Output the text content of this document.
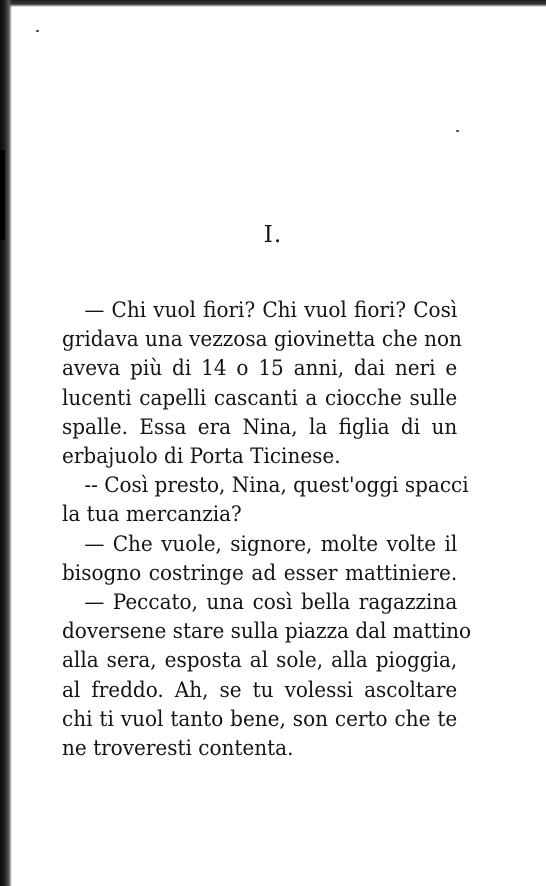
I.
— Chi vuol fiori? Chi vuol fiori? Così
gridava una vezzosa giovinetta che non
aveva più di 14 o 15 anni, dai neri e
lucenti capelli cascanti a ciocche sulle
spalle. Essa era Nina, la figlia di un
erbajuolo di Porta Ticinese.
-- Così presto, Nina, quest'oggi spacci
la tua mercanzia?
— Che vuole, signore, molte volte il
bisogno costringe ad esser mattiniere.
— Peccato, una così bella ragazzina
doversene stare sulla piazza dal mattino
alla sera, esposta al sole, alla pioggia,
al freddo. Ah, se tu volessi ascoltare
chi ti vuol tanto bene, son certo che te
ne troveresti contenta.
